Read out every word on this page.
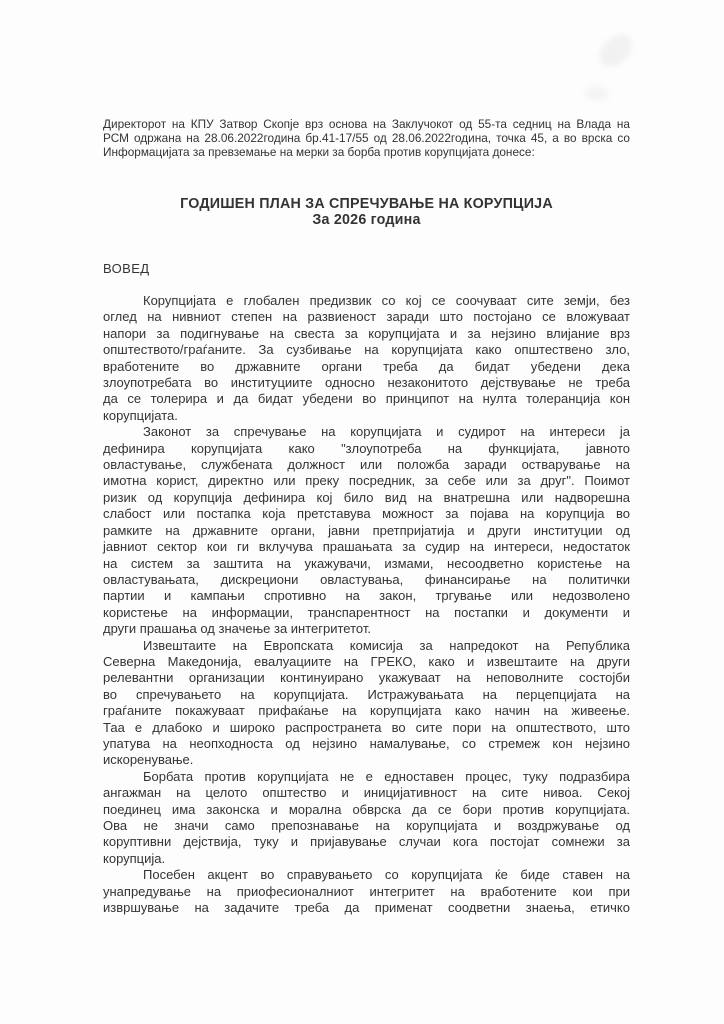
Директорот на КПУ Затвор Скопје врз основа на Заклучокот од 55-та седниц на Влада на
РСМ одржана на 28.06.2022година бр.41-17/55 од 28.06.2022година, точка 45, а во врска со
Информацијата за превземање на мерки за борба против корупцијата донесе:
ГОДИШЕН ПЛАН ЗА СПРЕЧУВАЊЕ НА КОРУПЦИЈА
За 2026 година
ВОВЕД
Корупцијата е глобален предизвик со кој се соочуваат сите земји, без
оглед на нивниот степен на развиеност заради што постојано се вложуваат
напори за подигнување на свеста за корупцијата и за нејзино влијание врз
општеството/граѓаните. За сузбивање на корупцијата како општествено зло,
вработените во државните органи треба да бидат убедени дека
злоупотребата во институциите односно незаконитото дејствување не треба
да се толерира и да бидат убедени во принципот на нулта толеранција кон
корупцијата.
Законот за спречување на корупцијата и судирот на интереси ја
дефинира корупцијата како "злоупотреба на функцијата, јавното
овластување, службената должност или положба заради остварување на
имотна корист, директно или преку посредник, за себе или за друг". Поимот
ризик од корупција дефинира кој било вид на внатрешна или надворешна
слабост или постапка која претставува можност за појава на корупција во
рамките на државните органи, јавни претпријатија и други институции од
јавниот сектор кои ги вклучува прашањата за судир на интереси, недостаток
на систем за заштита на укажувачи, измами, несоодветно користење на
овластувањата, дискрециони овластувања, финансирање на политички
партии и кампањи спротивно на закон, тргување или недозволено
користење на информации, транспарентност на постапки и документи и
други прашања од значење за интегритетот.
Извештаите на Европската комисија за напредокот на Република
Северна Македонија, евалуациите на ГРЕКО, како и извештаите на други
релевантни организации континуирано укажуваат на неповолните состојби
во спречувањето на корупцијата. Истражувањата на перцепцијата на
граѓаните покажуваат прифаќање на корупцијата како начин на живеење.
Таа е длабоко и широко распространета во сите пори на општеството, што
упатува на неопходноста од нејзино намалување, со стремеж кон нејзино
искоренување.
Борбата против корупцијата не е едноставен процес, туку подразбира
ангажман на целото општество и иницијативност на сите нивоа. Секој
поединец има законска и морална обврска да се бори против корупцијата.
Ова не значи само препознавање на корупцијата и воздржување од
коруптивни дејствија, туку и пријавување случаи кога постојат сомнежи за
корупција.
Посебен акцент во справувањето со корупцијата ќе биде ставен на
унапредување на приофесионалниот интегритет на вработените кои при
извршување на задачите треба да применат соодветни знаења, етичко
